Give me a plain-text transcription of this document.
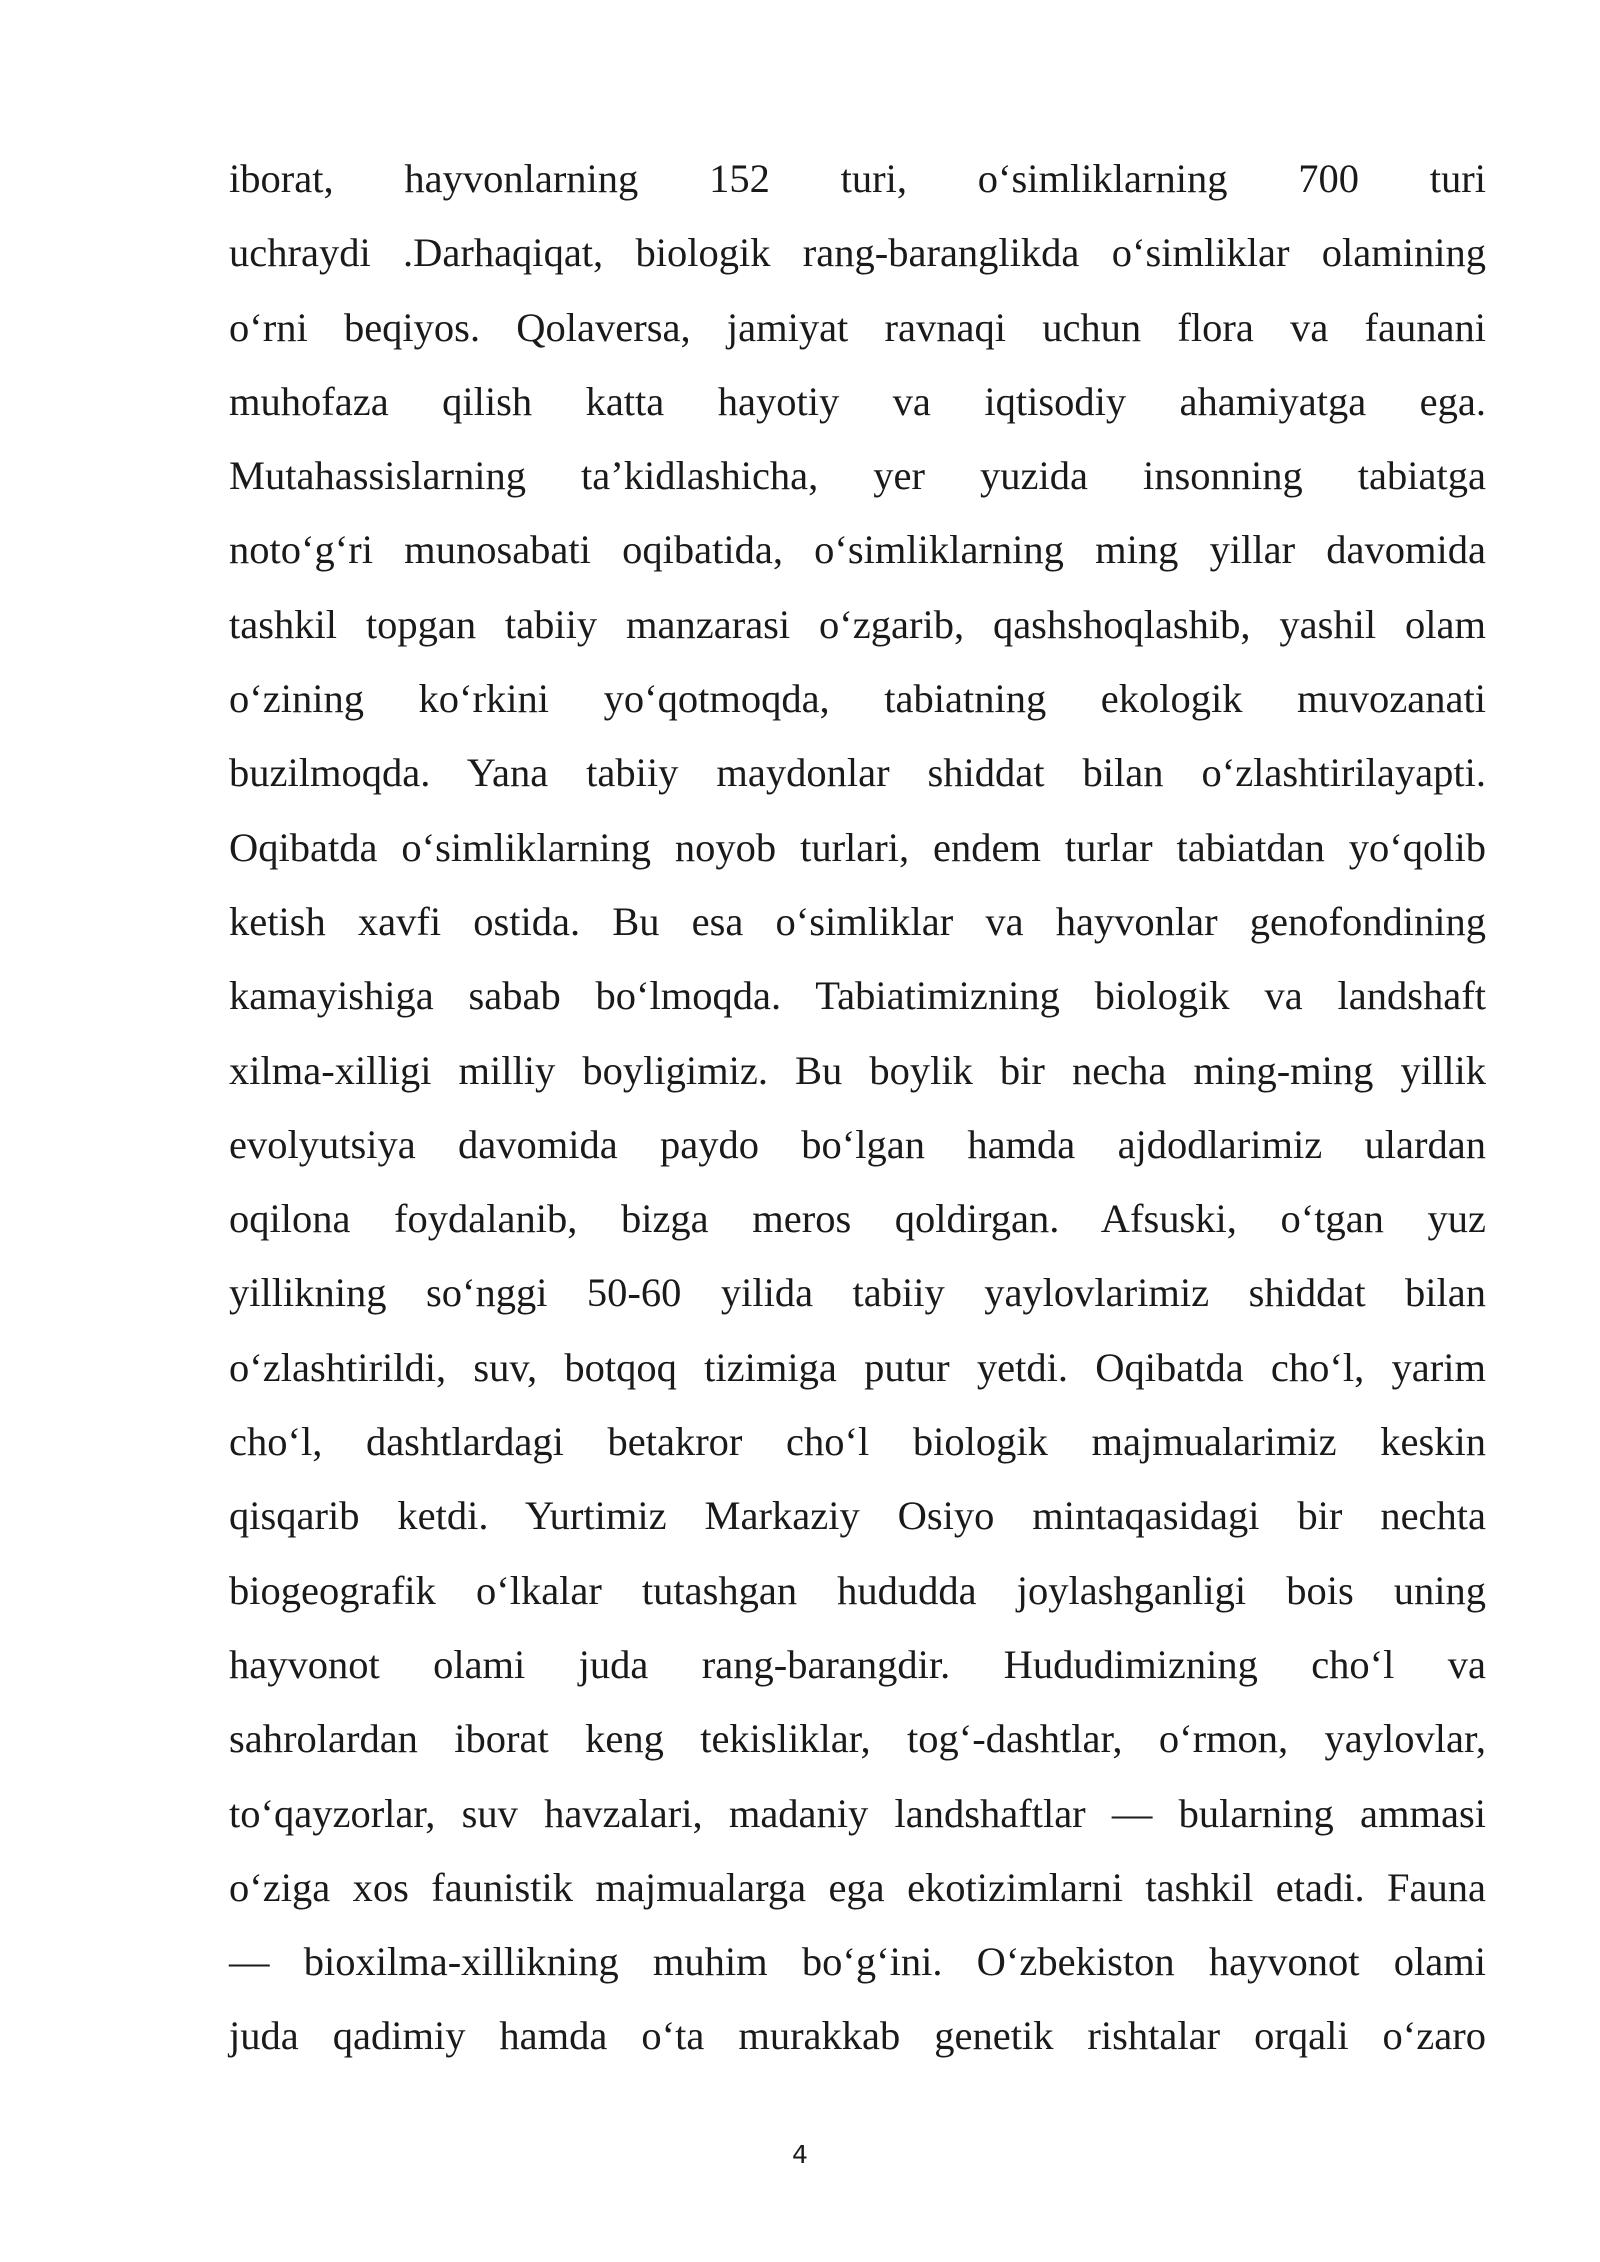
iborat, hayvonlarning 152 turi, o‘simliklarning 700 turi
uchraydi .Darhaqiqat, biologik rang-baranglikda o‘simliklar olamining
o‘rni beqiyos. Qolaversa, jamiyat ravnaqi uchun flora va faunani
muhofaza qilish katta hayotiy va iqtisodiy ahamiyatga ega.
Mutahassislarning ta’kidlashicha, yer yuzida insonning tabiatga
noto‘g‘ri munosabati oqibatida, o‘simliklarning ming yillar davomida
tashkil topgan tabiiy manzarasi o‘zgarib, qashshoqlashib, yashil olam
o‘zining ko‘rkini yo‘qotmoqda, tabiatning ekologik muvozanati
buzilmoqda. Yana tabiiy maydonlar shiddat bilan o‘zlashtirilayapti.
Oqibatda o‘simliklarning noyob turlari, endem turlar tabiatdan yo‘qolib
ketish xavfi ostida. Bu esa o‘simliklar va hayvonlar genofondining
kamayishiga sabab bo‘lmoqda. Tabiatimizning biologik va landshaft
xilma-xilligi milliy boyligimiz. Bu boylik bir necha ming-ming yillik
evolyutsiya davomida paydo bo‘lgan hamda ajdodlarimiz ulardan
oqilona foydalanib, bizga meros qoldirgan. Afsuski, o‘tgan yuz
yillikning so‘nggi 50-60 yilida tabiiy yaylovlarimiz shiddat bilan
o‘zlashtirildi, suv, botqoq tizimiga putur yetdi. Oqibatda cho‘l, yarim
cho‘l, dashtlardagi betakror cho‘l biologik majmualarimiz keskin
qisqarib ketdi. Yurtimiz Markaziy Osiyo mintaqasidagi bir nechta
biogeografik o‘lkalar tutashgan hududda joylashganligi bois uning
hayvonot olami juda rang-barangdir. Hududimizning cho‘l va
sahrolardan iborat keng tekisliklar, tog‘-dashtlar, o‘rmon, yaylovlar,
to‘qayzorlar, suv havzalari, madaniy landshaftlar — bularning ammasi
o‘ziga xos faunistik majmualarga ega ekotizimlarni tashkil etadi. Fauna
— bioxilma-xillikning muhim bo‘g‘ini. O‘zbekiston hayvonot olami
juda qadimiy hamda o‘ta murakkab genetik rishtalar orqali o‘zaro
4
